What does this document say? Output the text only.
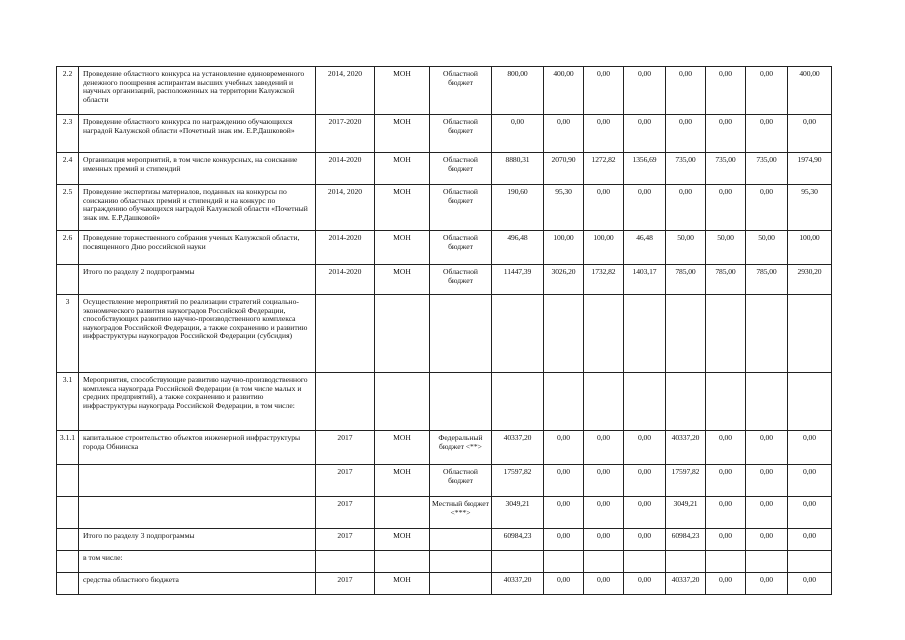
2.2	Проведение областного конкурса на установление единовременного денежного поощрения аспирантам высших учебных заведений и научных организаций, расположенных на территории Калужской области	2014, 2020	МОН	Областной бюджет	800,00	400,00	0,00	0,00	0,00	0,00	0,00	400,00
2.3	Проведение областного конкурса по награждению обучающихся наградой Калужской области «Почетный знак им. Е.Р.Дашковой»	2017-2020	МОН	Областной бюджет	0,00	0,00	0,00	0,00	0,00	0,00	0,00	0,00
2.4	Организация мероприятий, в том числе конкурсных, на соискание именных премий и стипендий	2014-2020	МОН	Областной бюджет	8880,31	2070,90	1272,82	1356,69	735,00	735,00	735,00	1974,90
2.5	Проведение экспертизы материалов, поданных на конкурсы по соисканию областных премий и стипендий и на конкурс по награждению обучающихся наградой Калужской области «Почетный знак им. Е.Р.Дашковой»	2014, 2020	МОН	Областной бюджет	190,60	95,30	0,00	0,00	0,00	0,00	0,00	95,30
2.6	Проведение торжественного собрания ученых Калужской области, посвященного Дню российской науки	2014-2020	МОН	Областной бюджет	496,48	100,00	100,00	46,48	50,00	50,00	50,00	100,00
	Итого по разделу 2 подпрограммы	2014-2020	МОН	Областной бюджет	11447,39	3026,20	1732,82	1403,17	785,00	785,00	785,00	2930,20
3	Осуществление мероприятий по реализации стратегий социально-экономического развития наукоградов Российской Федерации, способствующих развитию научно-производственного комплекса наукоградов Российской Федерации, а также сохранению и развитию инфраструктуры наукоградов Российской Федерации (субсидия)											
3.1	Мероприятия, способствующие развитию научно-производственного комплекса наукограда Российской Федерации (в том числе малых и средних предприятий), а также сохранению и развитию инфраструктуры наукограда Российской Федерации, в том числе:											
3.1.1	капитальное строительство объектов инженерной инфраструктуры города Обнинска	2017	МОН	Федеральный бюджет <**>	40337,20	0,00	0,00	0,00	40337,20	0,00	0,00	0,00
		2017	МОН	Областной бюджет	17597,82	0,00	0,00	0,00	17597,82	0,00	0,00	0,00
		2017		Местный бюджет <***>	3049,21	0,00	0,00	0,00	3049,21	0,00	0,00	0,00
	Итого по разделу 3 подпрограммы	2017	МОН		60984,23	0,00	0,00	0,00	60984,23	0,00	0,00	0,00
	в том числе:											
	средства областного бюджета	2017	МОН		40337,20	0,00	0,00	0,00	40337,20	0,00	0,00	0,00
